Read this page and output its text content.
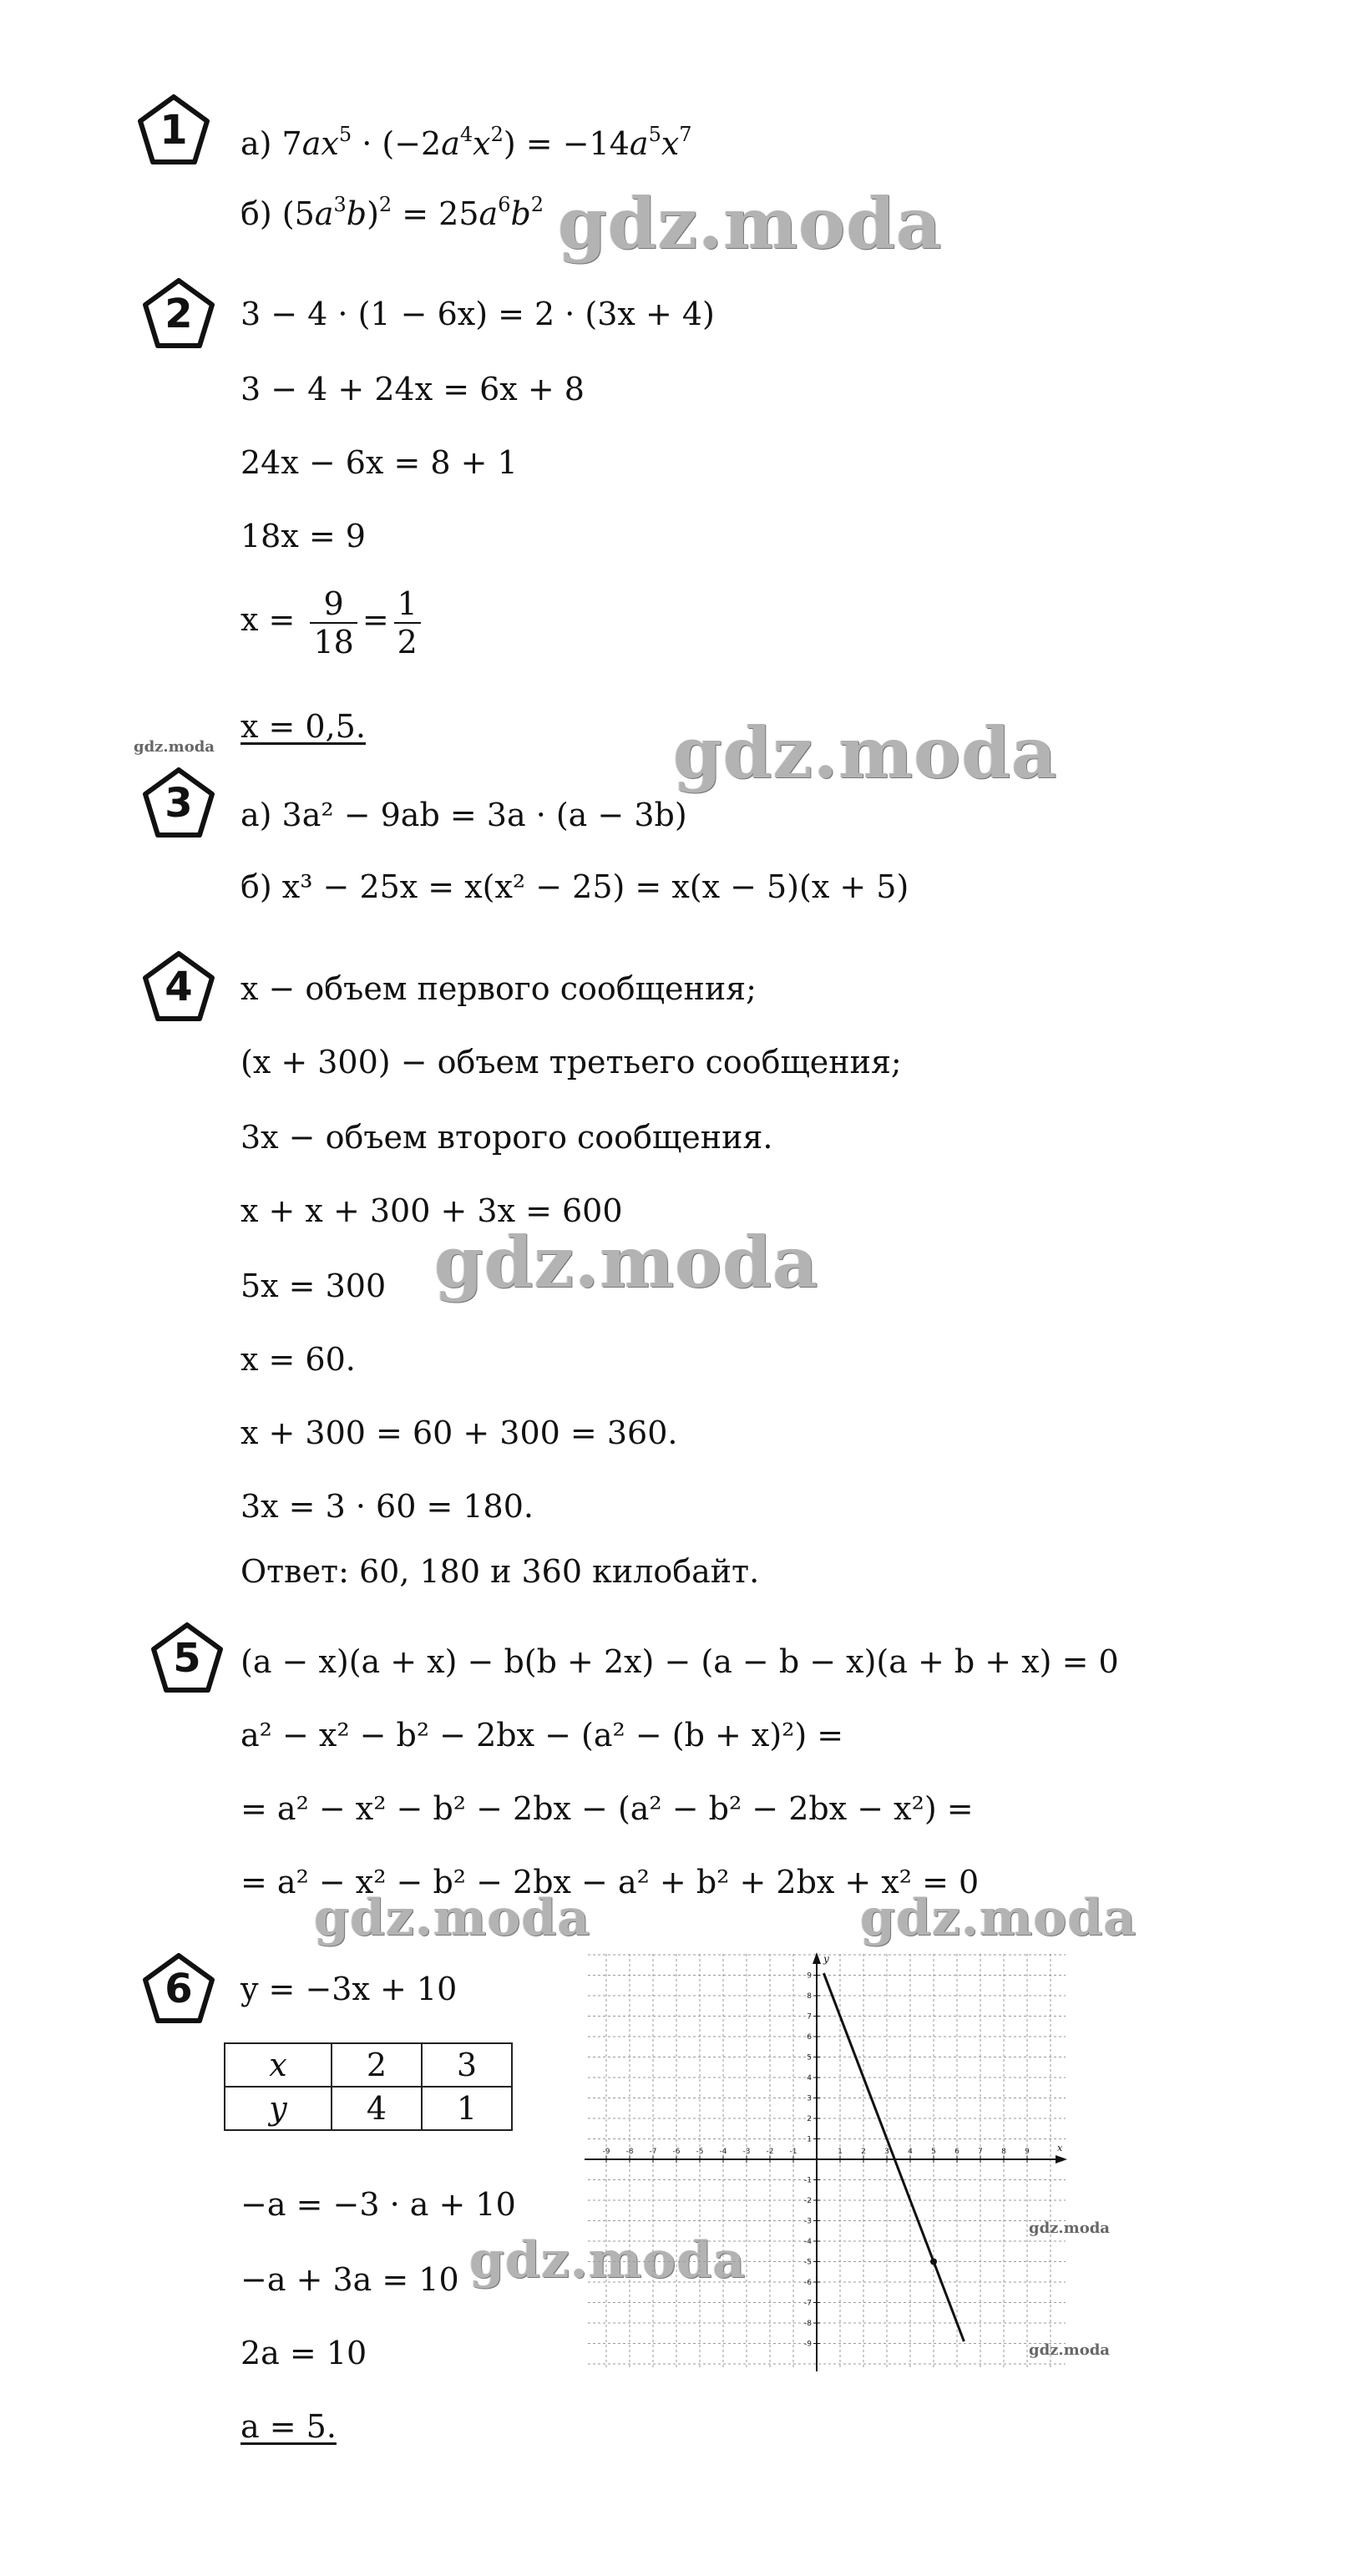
1	а) $7ax^5 \cdot (-2a^4x^2) = -14a^5x^7$
б) $(5a^3b)^2 = 25a^6b^2$ gdz.moda
2	3 − 4 · (1 − 6x) = 2 · (3x + 4)
3 − 4 + 24x = 6x + 8
24x − 6x = 8 + 1
18x = 9
$x = \frac{9}{18} = \frac{1}{2}$
x = 0,5.
gdz.moda	gdz.moda
3	а) 3a² − 9ab = 3a · (a − 3b)
б) x³ − 25x = x(x² − 25) = x(x − 5)(x + 5)
4	x − объем первого сообщения;
(x + 300) − объем третьего сообщения;
3x − объем второго сообщения.
x + x + 300 + 3x = 600
5x = 300 gdz.moda
x = 60.
x + 300 = 60 + 300 = 360.
3x = 3 · 60 = 180.
Ответ: 60, 180 и 360 килобайт.
5	(a − x)(a + x) − b(b + 2x) − (a − b − x)(a + b + x) = 0
a² − x² − b² − 2bx − (a² − (b + x)²) =
= a² − x² − b² − 2bx − (a² − b² − 2bx − x²) =
= a² − x² − b² − 2bx − a² + b² + 2bx + x² = 0
gdz.moda	gdz.moda
6	y = −3x + 10
x	2	3
y	4	1
−a = −3 · a + 10
−a + 3a = 10 gdz.moda
2a = 10
a = 5.
x
y
-9 -8 -7 -6 -5 -4 -3 -2 -1	1 2 3 4 5 6 7 8 9
9
8
7
6
5
4
3
2
1
-1
-2
-3
-4
-5
-6
-7
-8
-9
gdz.moda
gdz.moda
